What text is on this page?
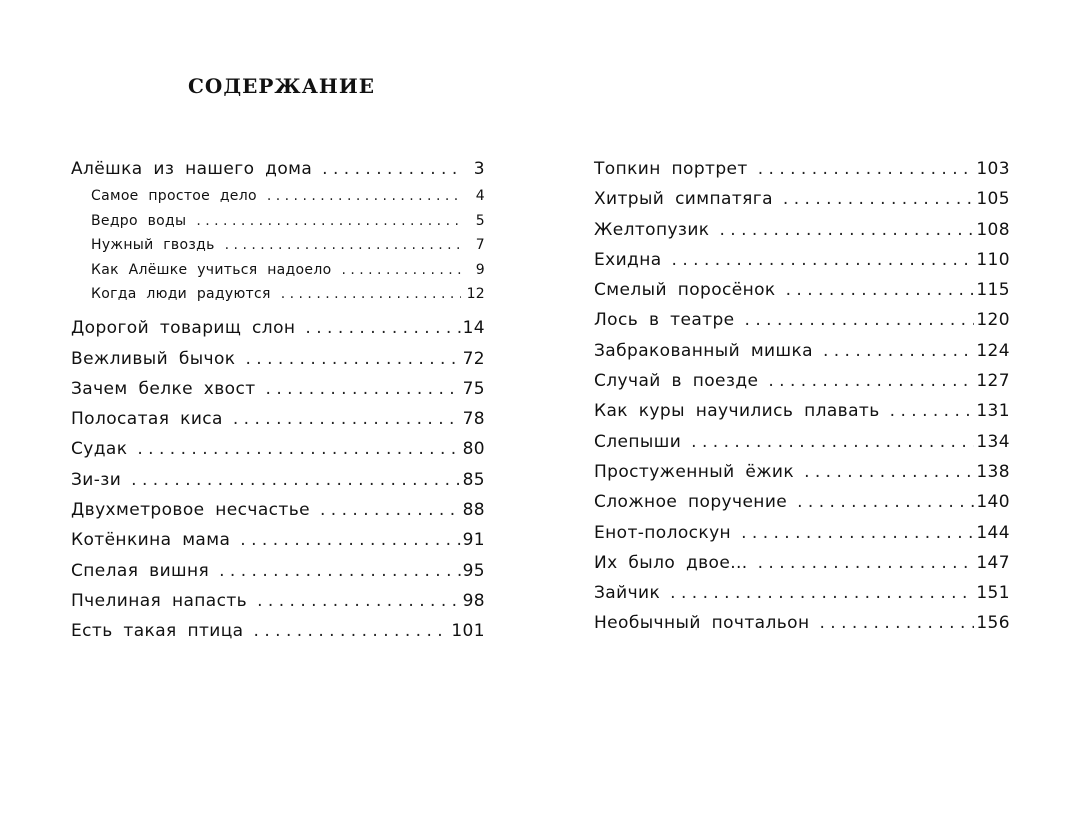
СОДЕРЖАНИЕ
Алёшка из нашего дома . . .	3
Самое простое дело . . .	4
Ведро воды . . .	5
Нужный гвоздь . . .	7
Как Алёшке учиться надоело . . .	9
Когда люди радуются . . .	12
Дорогой товарищ слон . . .	14
Вежливый бычок . . .	72
Зачем белке хвост . . .	75
Полосатая киса . . .	78
Судак . . .	80
Зи-зи . . .	85
Двухметровое несчастье . . .	88
Котёнкина мама . . .	91
Спелая вишня . . .	95
Пчелиная напасть . . .	98
Есть такая птица . . .	101
Топкин портрет . . .	103
Хитрый симпатяга . . .	105
Желтопузик . . .	108
Ехидна . . .	110
Смелый поросёнок . . .	115
Лось в театре . . .	120
Забракованный мишка . . .	124
Случай в поезде . . .	127
Как куры научились плавать . . .	131
Слепыши . . .	134
Простуженный ёжик . . .	138
Сложное поручение . . .	140
Енот-полоскун . . .	144
Их было двое... . . .	147
Зайчик . . .	151
Необычный почтальон . . .	156
